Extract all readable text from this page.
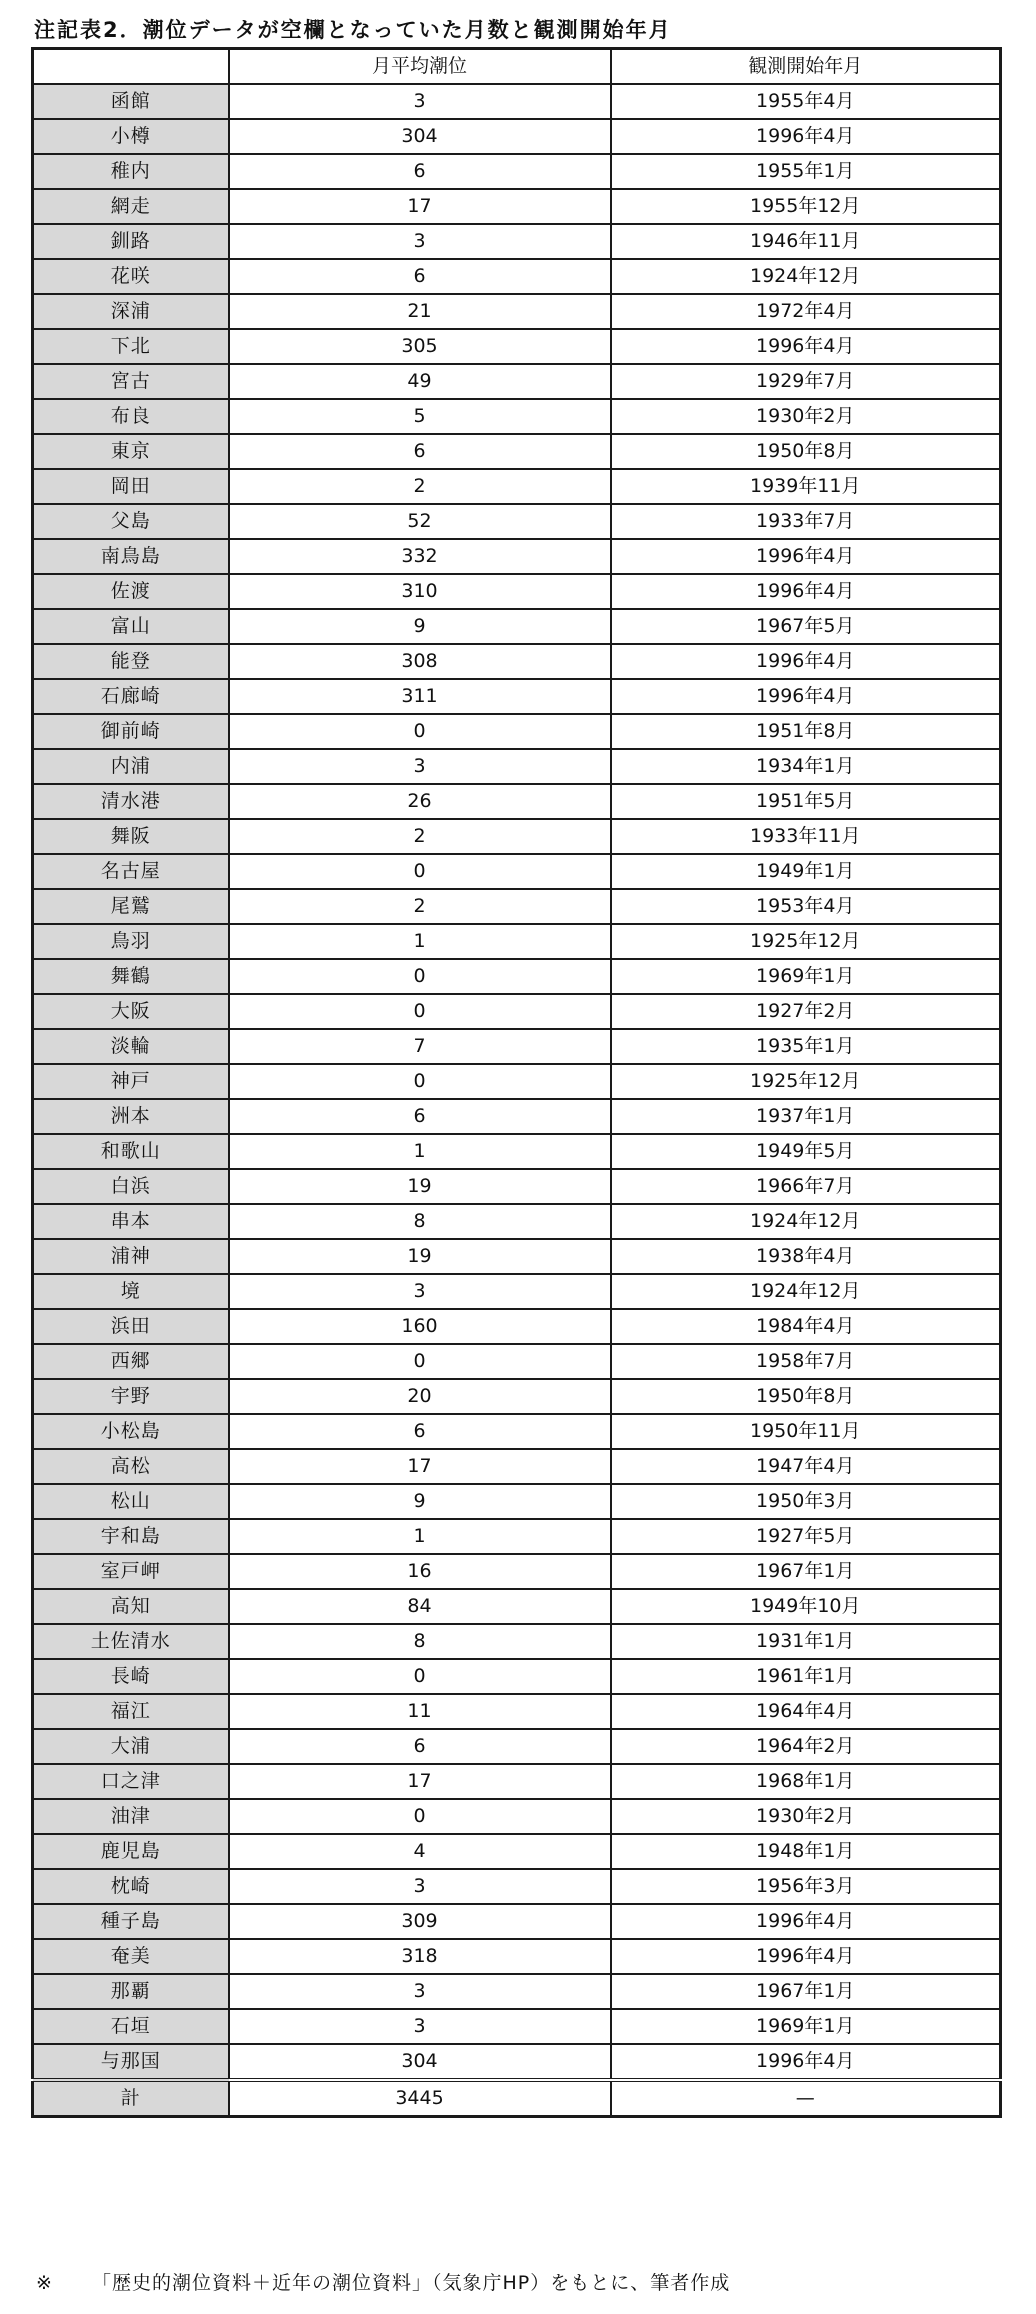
注記表2．潮位データが空欄となっていた月数と観測開始年月
	月平均潮位	観測開始年月
函館	3	1955年4月
小樽	304	1996年4月
稚内	6	1955年1月
網走	17	1955年12月
釧路	3	1946年11月
花咲	6	1924年12月
深浦	21	1972年4月
下北	305	1996年4月
宮古	49	1929年7月
布良	5	1930年2月
東京	6	1950年8月
岡田	2	1939年11月
父島	52	1933年7月
南鳥島	332	1996年4月
佐渡	310	1996年4月
富山	9	1967年5月
能登	308	1996年4月
石廊崎	311	1996年4月
御前崎	0	1951年8月
内浦	3	1934年1月
清水港	26	1951年5月
舞阪	2	1933年11月
名古屋	0	1949年1月
尾鷲	2	1953年4月
鳥羽	1	1925年12月
舞鶴	0	1969年1月
大阪	0	1927年2月
淡輪	7	1935年1月
神戸	0	1925年12月
洲本	6	1937年1月
和歌山	1	1949年5月
白浜	19	1966年7月
串本	8	1924年12月
浦神	19	1938年4月
境	3	1924年12月
浜田	160	1984年4月
西郷	0	1958年7月
宇野	20	1950年8月
小松島	6	1950年11月
高松	17	1947年4月
松山	9	1950年3月
宇和島	1	1927年5月
室戸岬	16	1967年1月
高知	84	1949年10月
土佐清水	8	1931年1月
長崎	0	1961年1月
福江	11	1964年4月
大浦	6	1964年2月
口之津	17	1968年1月
油津	0	1930年2月
鹿児島	4	1948年1月
枕崎	3	1956年3月
種子島	309	1996年4月
奄美	318	1996年4月
那覇	3	1967年1月
石垣	3	1969年1月
与那国	304	1996年4月
計	3445	—
※ 「歴史的潮位資料＋近年の潮位資料」（気象庁HP）をもとに、筆者作成
